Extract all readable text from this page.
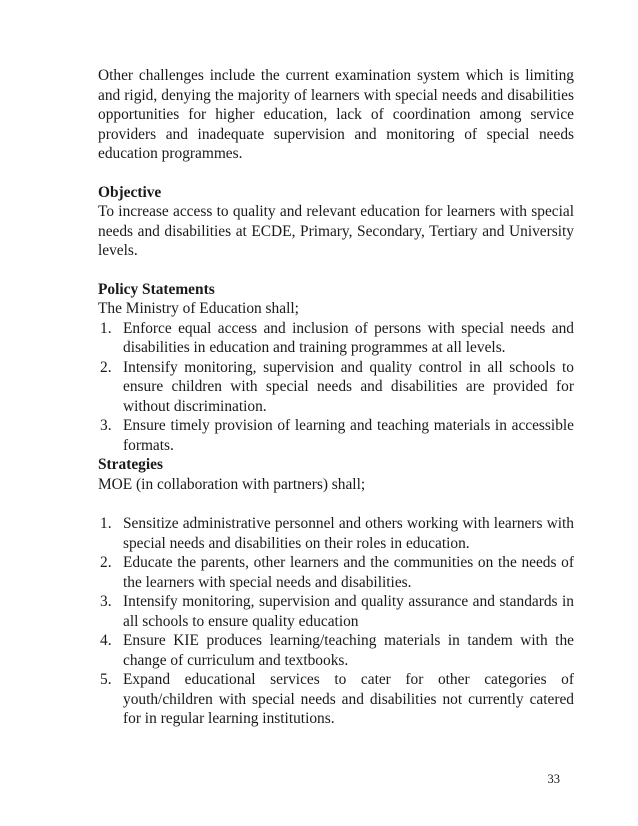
Other challenges include the current examination system which is limiting and rigid, denying the majority of learners with special needs and disabilities opportunities for higher education, lack of coordination among service providers and inadequate supervision and monitoring of special needs education programmes.

Objective

To increase access to quality and relevant education for learners with special needs and disabilities at ECDE, Primary, Secondary, Tertiary and University levels.

Policy Statements

The Ministry of Education shall;

1. Enforce equal access and inclusion of persons with special needs and disabilities in education and training programmes at all levels.
2. Intensify monitoring, supervision and quality control in all schools to ensure children with special needs and disabilities are provided for without discrimination.
3. Ensure timely provision of learning and teaching materials in accessible formats.

Strategies

MOE (in collaboration with partners) shall;

1. Sensitize administrative personnel and others working with learners with special needs and disabilities on their roles in education.
2. Educate the parents, other learners and the communities on the needs of the learners with special needs and disabilities.
3. Intensify monitoring, supervision and quality assurance and standards in all schools to ensure quality education
4. Ensure KIE produces learning/teaching materials in tandem with the change of curriculum and textbooks.
5. Expand educational services to cater for other categories of youth/children with special needs and disabilities not currently catered for in regular learning institutions.
33
